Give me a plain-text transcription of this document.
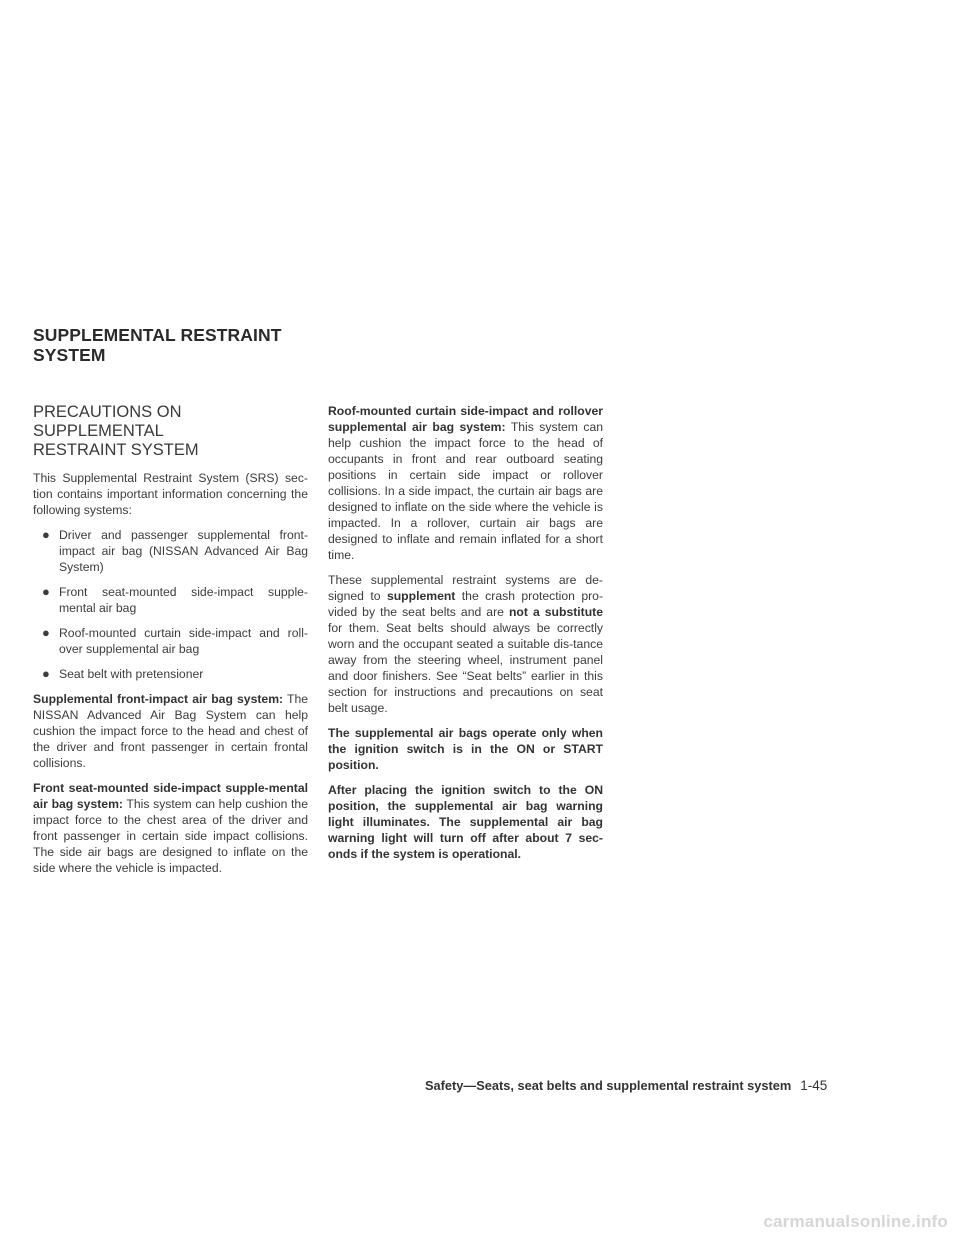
SUPPLEMENTAL RESTRAINT
SYSTEM
PRECAUTIONS ON SUPPLEMENTAL
RESTRAINT SYSTEM

This Supplemental Restraint System (SRS) sec-tion contains important information concerning the following systems:

● Driver and passenger supplemental front-impact air bag (NISSAN Advanced Air Bag System)
● Front seat-mounted side-impact supple-mental air bag
● Roof-mounted curtain side-impact and roll-over supplemental air bag
● Seat belt with pretensioner

Supplemental front-impact air bag system: The NISSAN Advanced Air Bag System can help cushion the impact force to the head and chest of the driver and front passenger in certain frontal collisions.

Front seat-mounted side-impact supple-mental air bag system: This system can help cushion the impact force to the chest area of the driver and front passenger in certain side impact collisions. The side air bags are designed to inflate on the side where the vehicle is impacted.

Roof-mounted curtain side-impact and rollover supplemental air bag system: This system can help cushion the impact force to the head of occupants in front and rear outboard seating positions in certain side impact or rollover collisions. In a side impact, the curtain air bags are designed to inflate on the side where the vehicle is impacted. In a rollover, curtain air bags are designed to inflate and remain inflated for a short time.

These supplemental restraint systems are de-signed to supplement the crash protection pro-vided by the seat belts and are not a substitute for them. Seat belts should always be correctly worn and the occupant seated a suitable dis-tance away from the steering wheel, instrument panel and door finishers. See “Seat belts” earlier in this section for instructions and precautions on seat belt usage.

The supplemental air bags operate only when the ignition switch is in the ON or START position.

After placing the ignition switch to the ON position, the supplemental air bag warning light illuminates. The supplemental air bag warning light will turn off after about 7 sec-onds if the system is operational.

Safety—Seats, seat belts and supplemental restraint system 1-45
carmanualsonline.info
